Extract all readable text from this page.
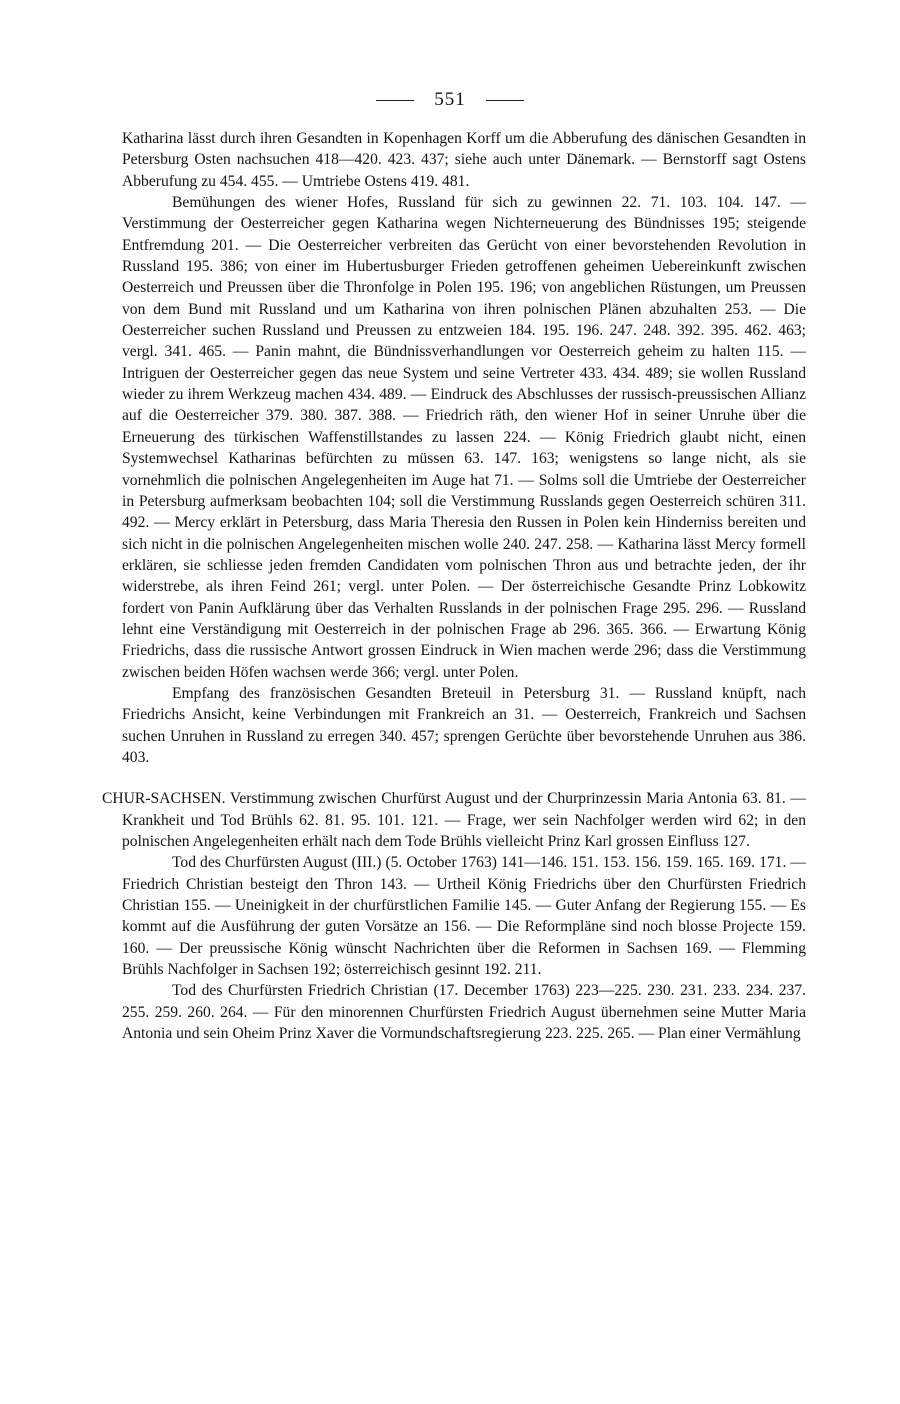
551

Katharina lässt durch ihren Gesandten in Kopenhagen Korff um die Abberufung des dänischen Gesandten in Petersburg Osten nachsuchen 418—420. 423. 437; siehe auch unter Dänemark. — Bernstorff sagt Ostens Abberufung zu 454. 455. — Umtriebe Ostens 419. 481.

Bemühungen des wiener Hofes, Russland für sich zu gewinnen 22. 71. 103. 104. 147. — Verstimmung der Oesterreicher gegen Katharina wegen Nichterneuerung des Bündnisses 195; steigende Entfremdung 201. — Die Oesterreicher verbreiten das Gerücht von einer bevorstehenden Revolution in Russland 195. 386; von einer im Hubertusburger Frieden getroffenen geheimen Uebereinkunft zwischen Oesterreich und Preussen über die Thronfolge in Polen 195. 196; von angeblichen Rüstungen, um Preussen von dem Bund mit Russland und um Katharina von ihren polnischen Plänen abzuhalten 253. — Die Oesterreicher suchen Russland und Preussen zu entzweien 184. 195. 196. 247. 248. 392. 395. 462. 463; vergl. 341. 465. — Panin mahnt, die Bündnissverhandlungen vor Oesterreich geheim zu halten 115. — Intriguen der Oesterreicher gegen das neue System und seine Vertreter 433. 434. 489; sie wollen Russland wieder zu ihrem Werkzeug machen 434. 489. — Eindruck des Abschlusses der russisch-preussischen Allianz auf die Oesterreicher 379. 380. 387. 388. — Friedrich räth, den wiener Hof in seiner Unruhe über die Erneuerung des türkischen Waffenstillstandes zu lassen 224. — König Friedrich glaubt nicht, einen Systemwechsel Katharinas befürchten zu müssen 63. 147. 163; wenigstens so lange nicht, als sie vornehmlich die polnischen Angelegenheiten im Auge hat 71. — Solms soll die Umtriebe der Oesterreicher in Petersburg aufmerksam beobachten 104; soll die Verstimmung Russlands gegen Oesterreich schüren 311. 492. — Mercy erklärt in Petersburg, dass Maria Theresia den Russen in Polen kein Hinderniss bereiten und sich nicht in die polnischen Angelegenheiten mischen wolle 240. 247. 258. — Katharina lässt Mercy formell erklären, sie schliesse jeden fremden Candidaten vom polnischen Thron aus und betrachte jeden, der ihr widerstrebe, als ihren Feind 261; vergl. unter Polen. — Der österreichische Gesandte Prinz Lobkowitz fordert von Panin Aufklärung über das Verhalten Russlands in der polnischen Frage 295. 296. — Russland lehnt eine Verständigung mit Oesterreich in der polnischen Frage ab 296. 365. 366. — Erwartung König Friedrichs, dass die russische Antwort grossen Eindruck in Wien machen werde 296; dass die Verstimmung zwischen beiden Höfen wachsen werde 366; vergl. unter Polen.

Empfang des französischen Gesandten Breteuil in Petersburg 31. — Russland knüpft, nach Friedrichs Ansicht, keine Verbindungen mit Frankreich an 31. — Oesterreich, Frankreich und Sachsen suchen Unruhen in Russland zu erregen 340. 457; sprengen Gerüchte über bevorstehende Unruhen aus 386. 403.

CHUR-SACHSEN. Verstimmung zwischen Churfürst August und der Churprinzessin Maria Antonia 63. 81. — Krankheit und Tod Brühls 62. 81. 95. 101. 121. — Frage, wer sein Nachfolger werden wird 62; in den polnischen Angelegenheiten erhält nach dem Tode Brühls vielleicht Prinz Karl grossen Einfluss 127.

Tod des Churfürsten August (III.) (5. October 1763) 141—146. 151. 153. 156. 159. 165. 169. 171. — Friedrich Christian besteigt den Thron 143. — Urtheil König Friedrichs über den Churfürsten Friedrich Christian 155. — Uneinigkeit in der churfürstlichen Familie 145. — Guter Anfang der Regierung 155. — Es kommt auf die Ausführung der guten Vorsätze an 156. — Die Reformpläne sind noch blosse Projecte 159. 160. — Der preussische König wünscht Nachrichten über die Reformen in Sachsen 169. — Flemming Brühls Nachfolger in Sachsen 192; österreichisch gesinnt 192. 211.

Tod des Churfürsten Friedrich Christian (17. December 1763) 223—225. 230. 231. 233. 234. 237. 255. 259. 260. 264. — Für den minorennen Churfürsten Friedrich August übernehmen seine Mutter Maria Antonia und sein Oheim Prinz Xaver die Vormundschaftsregierung 223. 225. 265. — Plan einer Vermählung
